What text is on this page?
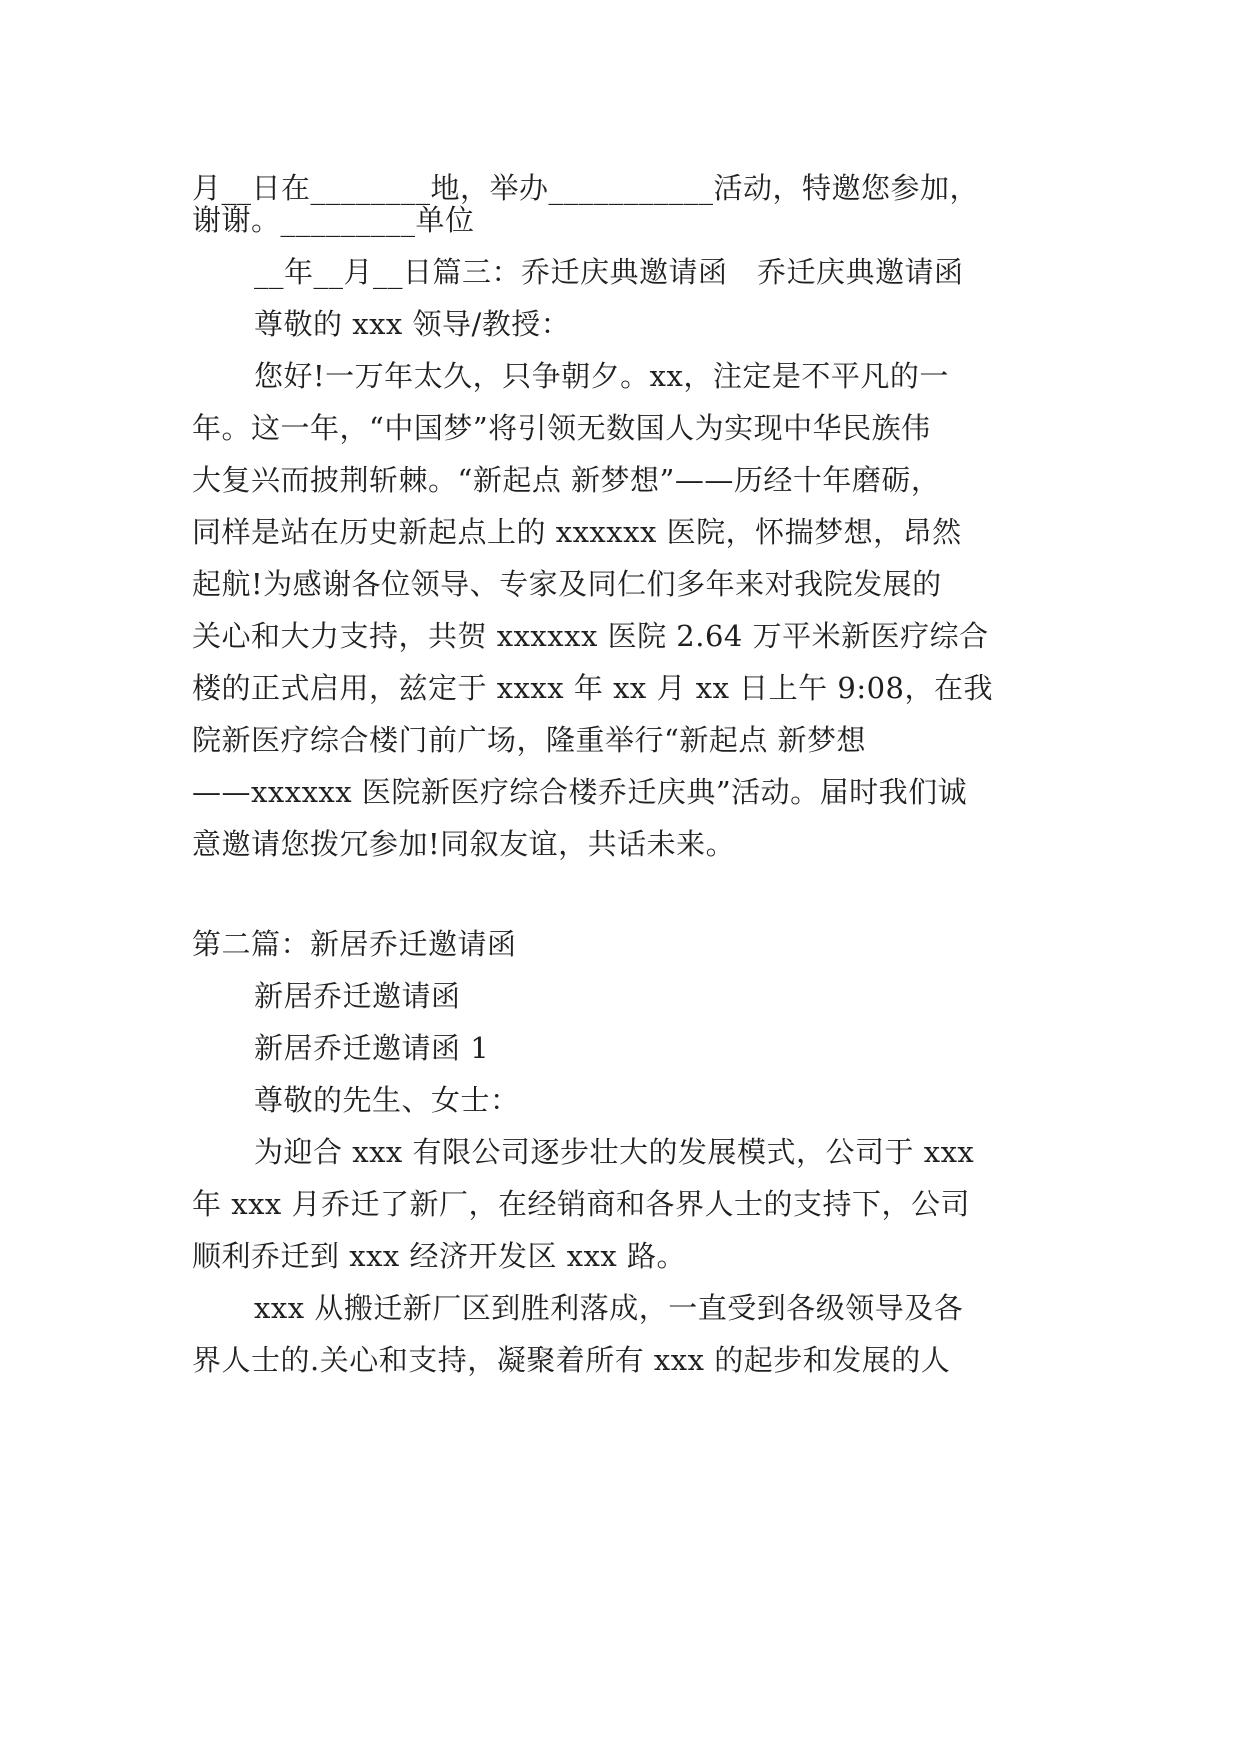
月__日在________地，举办___________活动，特邀您参加，
谢谢。_________单位
__年__月__日篇三：乔迁庆典邀请函　乔迁庆典邀请函
尊敬的 xxx 领导/教授：
您好!一万年太久，只争朝夕。xx，注定是不平凡的一
年。这一年，“中国梦”将引领无数国人为实现中华民族伟
大复兴而披荆斩棘。“新起点 新梦想”——历经十年磨砺，
同样是站在历史新起点上的 xxxxxx 医院，怀揣梦想，昂然
起航!为感谢各位领导、专家及同仁们多年来对我院发展的
关心和大力支持，共贺 xxxxxx 医院 2.64 万平米新医疗综合
楼的正式启用，兹定于 xxxx 年 xx 月 xx 日上午 9:08，在我
院新医疗综合楼门前广场，隆重举行“新起点 新梦想
——xxxxxx 医院新医疗综合楼乔迁庆典”活动。届时我们诚
意邀请您拨冗参加!同叙友谊，共话未来。
第二篇：新居乔迁邀请函
新居乔迁邀请函
新居乔迁邀请函 1
尊敬的先生、女士：
为迎合 xxx 有限公司逐步壮大的发展模式，公司于 xxx
年 xxx 月乔迁了新厂，在经销商和各界人士的支持下，公司
顺利乔迁到 xxx 经济开发区 xxx 路。
xxx 从搬迁新厂区到胜利落成，一直受到各级领导及各
界人士的.关心和支持，凝聚着所有 xxx 的起步和发展的人
